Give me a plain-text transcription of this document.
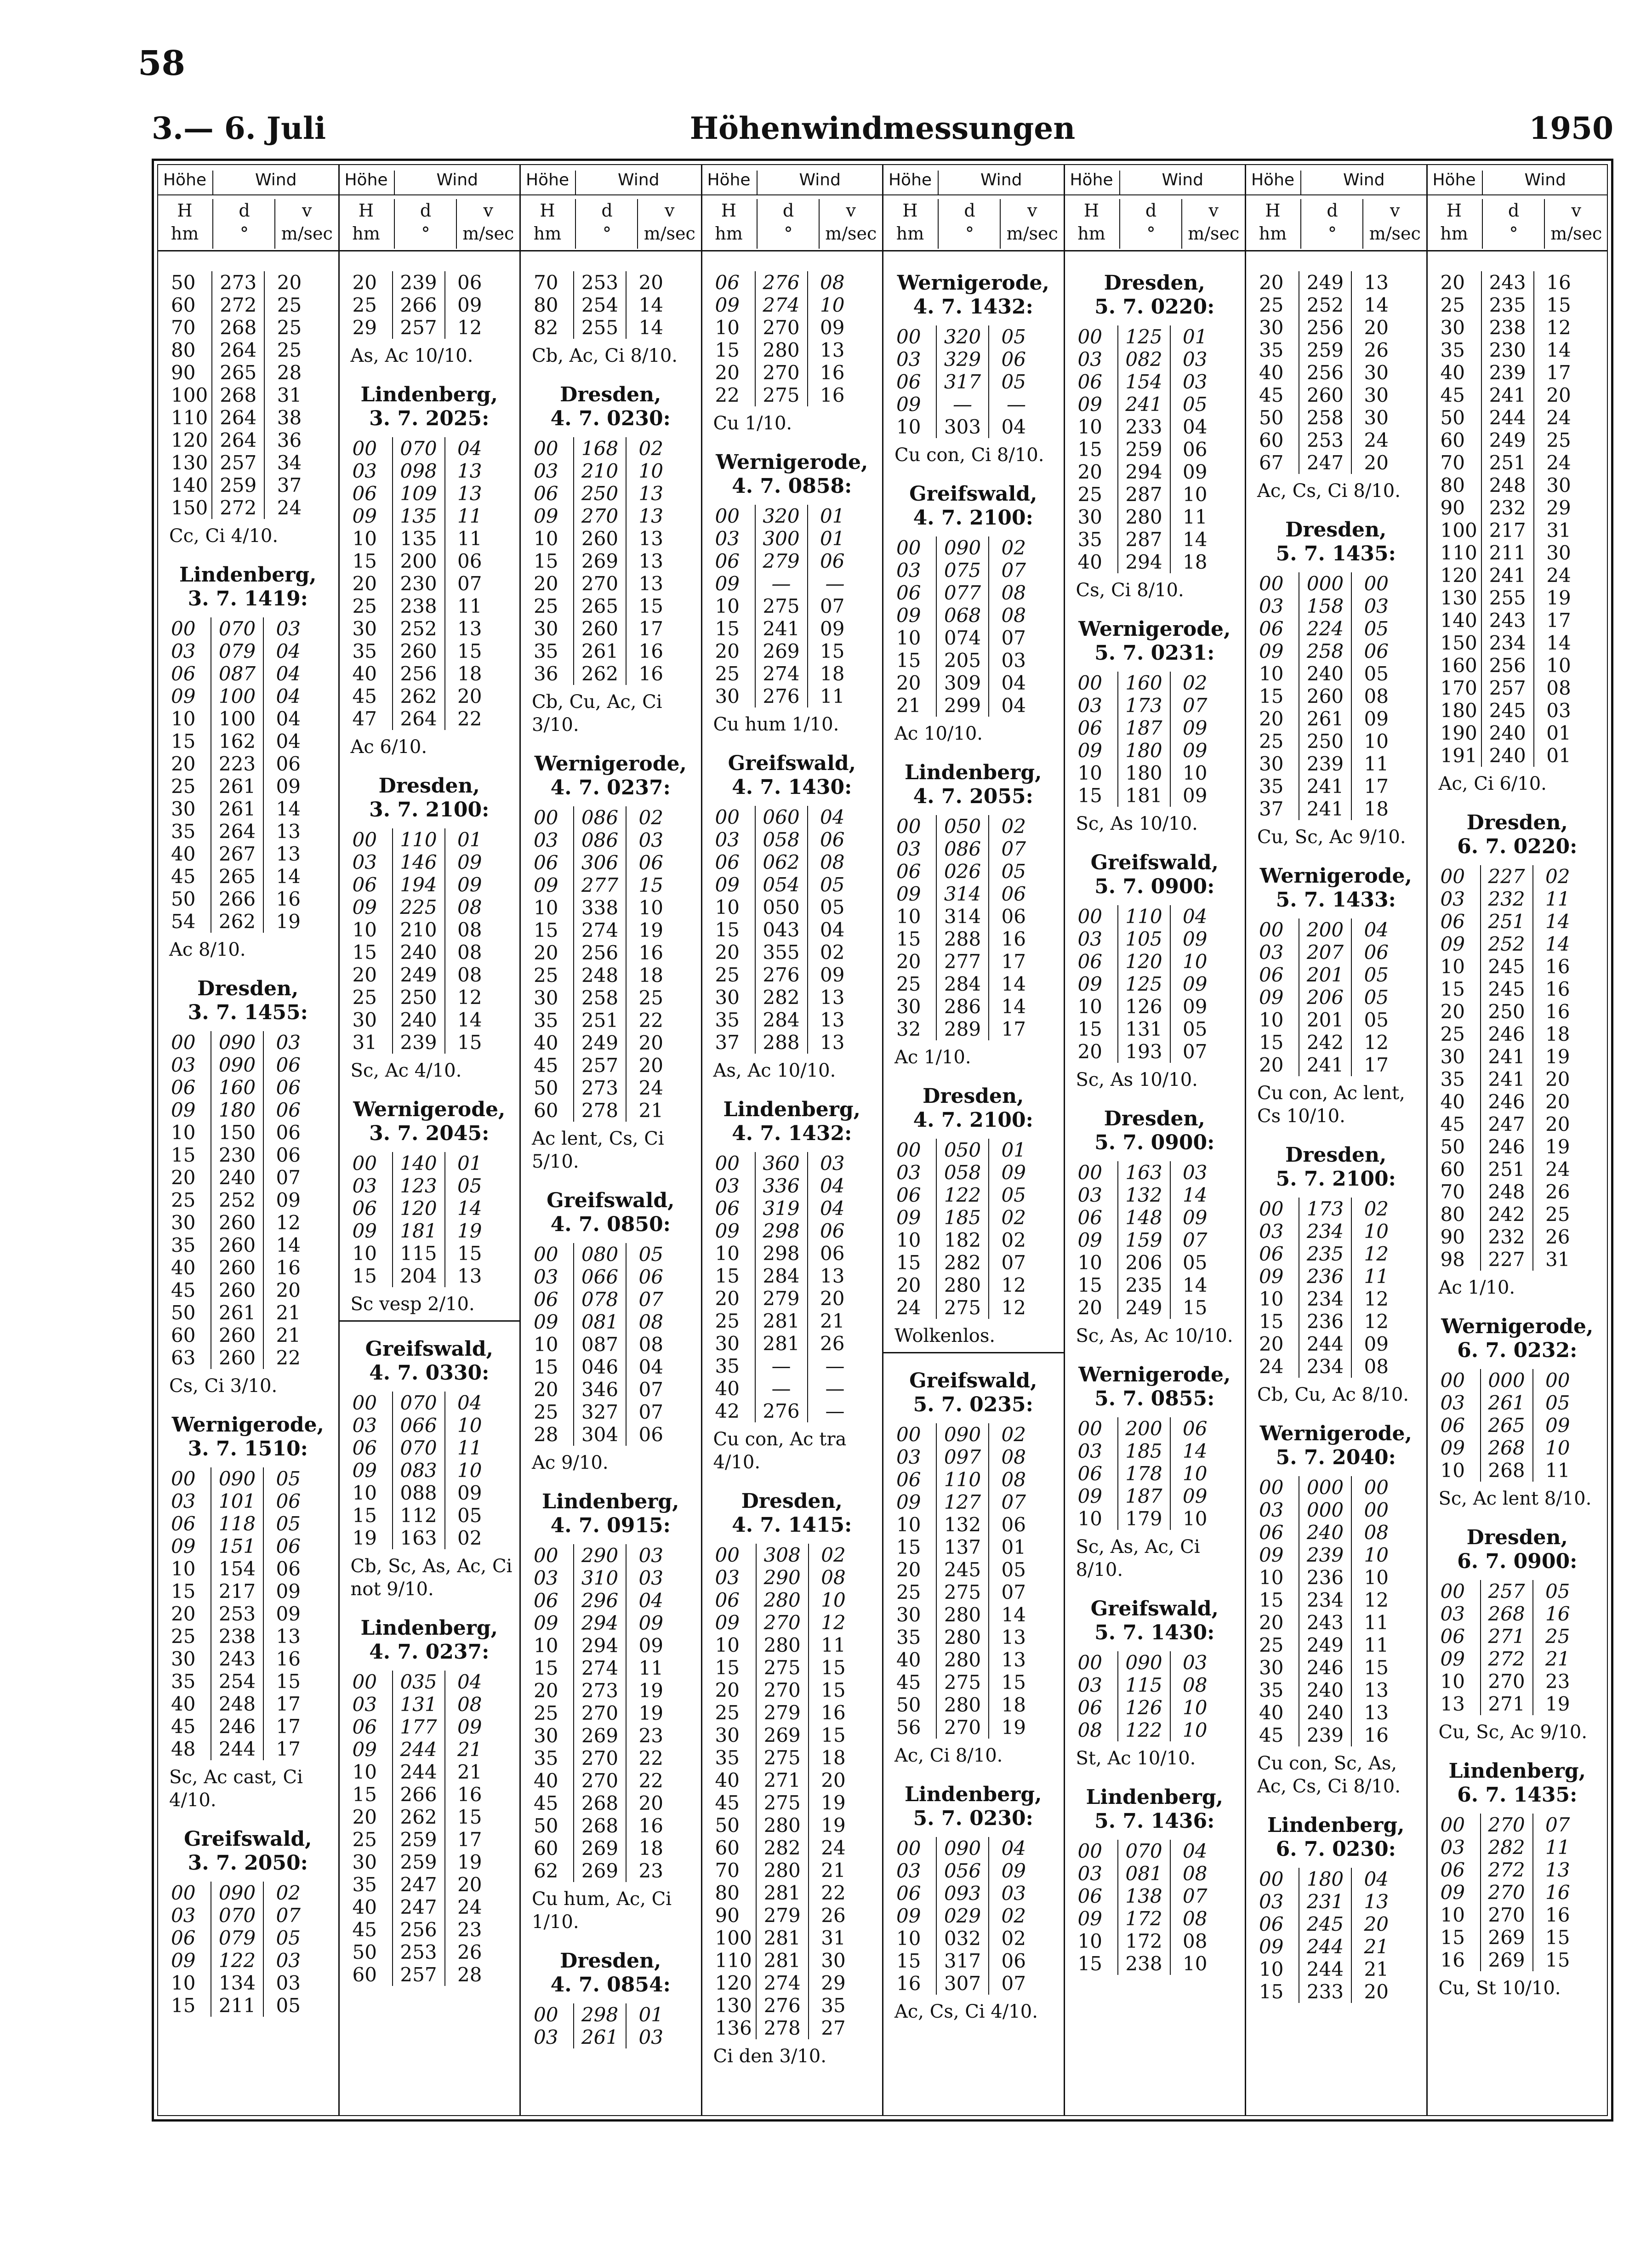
58
Höhenwindmessungen
3.— 6. Juli	1950
Höhe	Wind
H
hm
d
°
v
m/sec
50	273	20
60	272	25
70	268	25
80	264	25
90	265	28
100	268	31
110	264	38
120	264	36
130	257	34
140	259	37
150	272	24
Cc, Ci 4/10.
Lindenberg,
3. 7. 1419:
00	070	03
03	079	04
06	087	04
09	100	04
10	100	04
15	162	04
20	223	06
25	261	09
30	261	14
35	264	13
40	267	13
45	265	14
50	266	16
54	262	19
Ac 8/10.
Dresden,
3. 7. 1455:
00	090	03
03	090	06
06	160	06
09	180	06
10	150	06
15	230	06
20	240	07
25	252	09
30	260	12
35	260	14
40	260	16
45	260	20
50	261	21
60	260	21
63	260	22
Cs, Ci 3/10.
Wernigerode,
3. 7. 1510:
00	090	05
03	101	06
06	118	05
09	151	06
10	154	06
15	217	09
20	253	09
25	238	13
30	243	16
35	254	15
40	248	17
45	246	17
48	244	17
Sc, Ac cast, Ci 4/10.
Greifswald,
3. 7. 2050:
00	090	02
03	070	07
06	079	05
09	122	03
10	134	03
15	211	05
Höhe	Wind
H
hm
d
°
v
m/sec
20	239	06
25	266	09
29	257	12
As, Ac 10/10.
Lindenberg,
3. 7. 2025:
00	070	04
03	098	13
06	109	13
09	135	11
10	135	11
15	200	06
20	230	07
25	238	11
30	252	13
35	260	15
40	256	18
45	262	20
47	264	22
Ac 6/10.
Dresden,
3. 7. 2100:
00	110	01
03	146	09
06	194	09
09	225	08
10	210	08
15	240	08
20	249	08
25	250	12
30	240	14
31	239	15
Sc, Ac 4/10.
Wernigerode,
3. 7. 2045:
00	140	01
03	123	05
06	120	14
09	181	19
10	115	15
15	204	13
Sc vesp 2/10.
Greifswald,
4. 7. 0330:
00	070	04
03	066	10
06	070	11
09	083	10
10	088	09
15	112	05
19	163	02
Cb, Sc, As, Ac, Ci not 9/10.
Lindenberg,
4. 7. 0237:
00	035	04
03	131	08
06	177	09
09	244	21
10	244	21
15	266	16
20	262	15
25	259	17
30	259	19
35	247	20
40	247	24
45	256	23
50	253	26
60	257	28
Höhe	Wind
H
hm
d
°
v
m/sec
70	253	20
80	254	14
82	255	14
Cb, Ac, Ci 8/10.
Dresden,
4. 7. 0230:
00	168	02
03	210	10
06	250	13
09	270	13
10	260	13
15	269	13
20	270	13
25	265	15
30	260	17
35	261	16
36	262	16
Cb, Cu, Ac, Ci 3/10.
Wernigerode,
4. 7. 0237:
00	086	02
03	086	03
06	306	06
09	277	15
10	338	10
15	274	19
20	256	16
25	248	18
30	258	25
35	251	22
40	249	20
45	257	20
50	273	24
60	278	21
Ac lent, Cs, Ci 5/10.
Greifswald,
4. 7. 0850:
00	080	05
03	066	06
06	078	07
09	081	08
10	087	08
15	046	04
20	346	07
25	327	07
28	304	06
Ac 9/10.
Lindenberg,
4. 7. 0915:
00	290	03
03	310	03
06	296	04
09	294	09
10	294	09
15	274	11
20	273	19
25	270	19
30	269	23
35	270	22
40	270	22
45	268	20
50	268	16
60	269	18
62	269	23
Cu hum, Ac, Ci 1/10.
Dresden,
4. 7. 0854:
00	298	01
03	261	03
Höhe	Wind
H
hm
d
°
v
m/sec
06	276	08
09	274	10
10	270	09
15	280	13
20	270	16
22	275	16
Cu 1/10.
Wernigerode,
4. 7. 0858:
00	320	01
03	300	01
06	279	06
09	—	—
10	275	07
15	241	09
20	269	15
25	274	18
30	276	11
Cu hum 1/10.
Greifswald,
4. 7. 1430:
00	060	04
03	058	06
06	062	08
09	054	05
10	050	05
15	043	04
20	355	02
25	276	09
30	282	13
35	284	13
37	288	13
As, Ac 10/10.
Lindenberg,
4. 7. 1432:
00	360	03
03	336	04
06	319	04
09	298	06
10	298	06
15	284	13
20	279	20
25	281	21
30	281	26
35	—	—
40	—	—
42	276	—
Cu con, Ac tra 4/10.
Dresden,
4. 7. 1415:
00	308	02
03	290	08
06	280	10
09	270	12
10	280	11
15	275	15
20	270	15
25	279	16
30	269	15
35	275	18
40	271	20
45	275	19
50	280	19
60	282	24
70	280	21
80	281	22
90	279	26
100	281	31
110	281	30
120	274	29
130	276	35
136	278	27
Ci den 3/10.
Höhe	Wind
H
hm
d
°
v
m/sec
Wernigerode,
4. 7. 1432:
00	320	05
03	329	06
06	317	05
09	—	—
10	303	04
Cu con, Ci 8/10.
Greifswald,
4. 7. 2100:
00	090	02
03	075	07
06	077	08
09	068	08
10	074	07
15	205	03
20	309	04
21	299	04
Ac 10/10.
Lindenberg,
4. 7. 2055:
00	050	02
03	086	07
06	026	05
09	314	06
10	314	06
15	288	16
20	277	17
25	284	14
30	286	14
32	289	17
Ac 1/10.
Dresden,
4. 7. 2100:
00	050	01
03	058	09
06	122	05
09	185	02
10	182	02
15	282	07
20	280	12
24	275	12
Wolkenlos.
Greifswald,
5. 7. 0235:
00	090	02
03	097	08
06	110	08
09	127	07
10	132	06
15	137	01
20	245	05
25	275	07
30	280	14
35	280	13
40	280	13
45	275	15
50	280	18
56	270	19
Ac, Ci 8/10.
Lindenberg,
5. 7. 0230:
00	090	04
03	056	09
06	093	03
09	029	02
10	032	02
15	317	06
16	307	07
Ac, Cs, Ci 4/10.
Höhe	Wind
H
hm
d
°
v
m/sec
Dresden,
5. 7. 0220:
00	125	01
03	082	03
06	154	03
09	241	05
10	233	04
15	259	06
20	294	09
25	287	10
30	280	11
35	287	14
40	294	18
Cs, Ci 8/10.
Wernigerode,
5. 7. 0231:
00	160	02
03	173	07
06	187	09
09	180	09
10	180	10
15	181	09
Sc, As 10/10.
Greifswald,
5. 7. 0900:
00	110	04
03	105	09
06	120	10
09	125	09
10	126	09
15	131	05
20	193	07
Sc, As 10/10.
Dresden,
5. 7. 0900:
00	163	03
03	132	14
06	148	09
09	159	07
10	206	05
15	235	14
20	249	15
Sc, As, Ac 10/10.
Wernigerode,
5. 7. 0855:
00	200	06
03	185	14
06	178	10
09	187	09
10	179	10
Sc, As, Ac, Ci 8/10.
Greifswald,
5. 7. 1430:
00	090	03
03	115	08
06	126	10
08	122	10
St, Ac 10/10.
Lindenberg,
5. 7. 1436:
00	070	04
03	081	08
06	138	07
09	172	08
10	172	08
15	238	10
Höhe	Wind
H
hm
d
°
v
m/sec
20	249	13
25	252	14
30	256	20
35	259	26
40	256	30
45	260	30
50	258	30
60	253	24
67	247	20
Ac, Cs, Ci 8/10.
Dresden,
5. 7. 1435:
00	000	00
03	158	03
06	224	05
09	258	06
10	240	05
15	260	08
20	261	09
25	250	10
30	239	11
35	241	17
37	241	18
Cu, Sc, Ac 9/10.
Wernigerode,
5. 7. 1433:
00	200	04
03	207	06
06	201	05
09	206	05
10	201	05
15	242	12
20	241	17
Cu con, Ac lent, Cs 10/10.
Dresden,
5. 7. 2100:
00	173	02
03	234	10
06	235	12
09	236	11
10	234	12
15	236	12
20	244	09
24	234	08
Cb, Cu, Ac 8/10.
Wernigerode,
5. 7. 2040:
00	000	00
03	000	00
06	240	08
09	239	10
10	236	10
15	234	12
20	243	11
25	249	11
30	246	15
35	240	13
40	240	13
45	239	16
Cu con, Sc, As, Ac, Cs, Ci 8/10.
Lindenberg,
6. 7. 0230:
00	180	04
03	231	13
06	245	20
09	244	21
10	244	21
15	233	20
Höhe	Wind
H
hm
d
°
v
m/sec
20	243	16
25	235	15
30	238	12
35	230	14
40	239	17
45	241	20
50	244	24
60	249	25
70	251	24
80	248	30
90	232	29
100	217	31
110	211	30
120	241	24
130	255	19
140	243	17
150	234	14
160	256	10
170	257	08
180	245	03
190	240	01
191	240	01
Ac, Ci 6/10.
Dresden,
6. 7. 0220:
00	227	02
03	232	11
06	251	14
09	252	14
10	245	16
15	245	16
20	250	16
25	246	18
30	241	19
35	241	20
40	246	20
45	247	20
50	246	19
60	251	24
70	248	26
80	242	25
90	232	26
98	227	31
Ac 1/10.
Wernigerode,
6. 7. 0232:
00	000	00
03	261	05
06	265	09
09	268	10
10	268	11
Sc, Ac lent 8/10.
Dresden,
6. 7. 0900:
00	257	05
03	268	16
06	271	25
09	272	21
10	270	23
13	271	19
Cu, Sc, Ac 9/10.
Lindenberg,
6. 7. 1435:
00	270	07
03	282	11
06	272	13
09	270	16
10	270	16
15	269	15
16	269	15
Cu, St 10/10.
